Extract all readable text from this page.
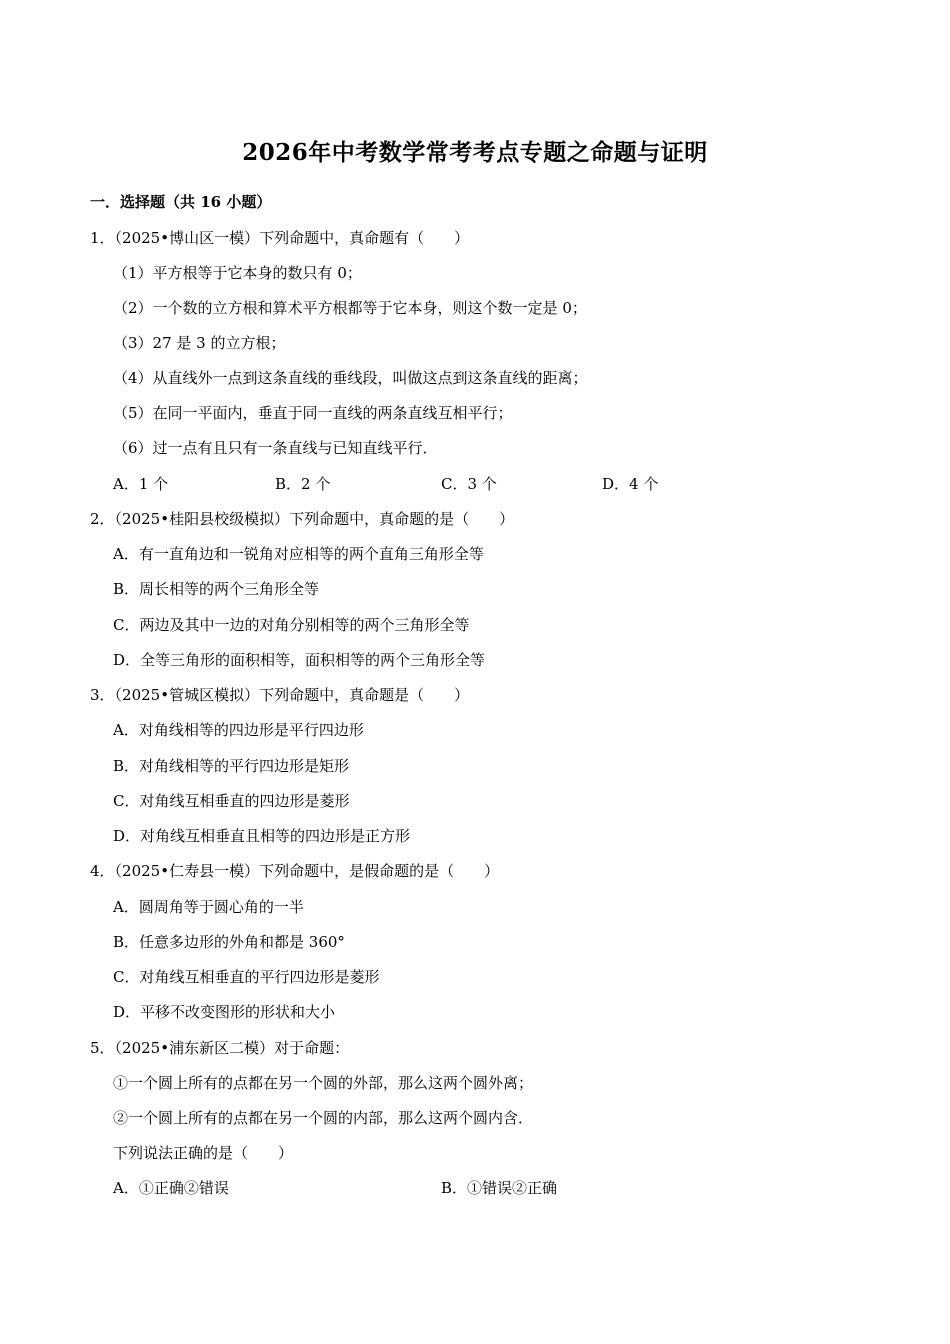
2026年中考数学常考考点专题之命题与证明
一．选择题（共 16 小题）
1．（2025•博山区一模）下列命题中，真命题有（　　）
（1）平方根等于它本身的数只有 0；
（2）一个数的立方根和算术平方根都等于它本身，则这个数一定是 0；
（3）27 是 3 的立方根；
（4）从直线外一点到这条直线的垂线段，叫做这点到这条直线的距离；
（5）在同一平面内，垂直于同一直线的两条直线互相平行；
（6）过一点有且只有一条直线与已知直线平行．
A．1 个	B．2 个	C．3 个	D．4 个
2．（2025•桂阳县校级模拟）下列命题中，真命题的是（　　）
A．有一直角边和一锐角对应相等的两个直角三角形全等
B．周长相等的两个三角形全等
C．两边及其中一边的对角分别相等的两个三角形全等
D．全等三角形的面积相等，面积相等的两个三角形全等
3．（2025•管城区模拟）下列命题中，真命题是（　　）
A．对角线相等的四边形是平行四边形
B．对角线相等的平行四边形是矩形
C．对角线互相垂直的四边形是菱形
D．对角线互相垂直且相等的四边形是正方形
4．（2025•仁寿县一模）下列命题中，是假命题的是（　　）
A．圆周角等于圆心角的一半
B．任意多边形的外角和都是 360°
C．对角线互相垂直的平行四边形是菱形
D．平移不改变图形的形状和大小
5．（2025•浦东新区二模）对于命题：
①一个圆上所有的点都在另一个圆的外部，那么这两个圆外离；
②一个圆上所有的点都在另一个圆的内部，那么这两个圆内含．
下列说法正确的是（　　）
A．①正确②错误	B．①错误②正确
